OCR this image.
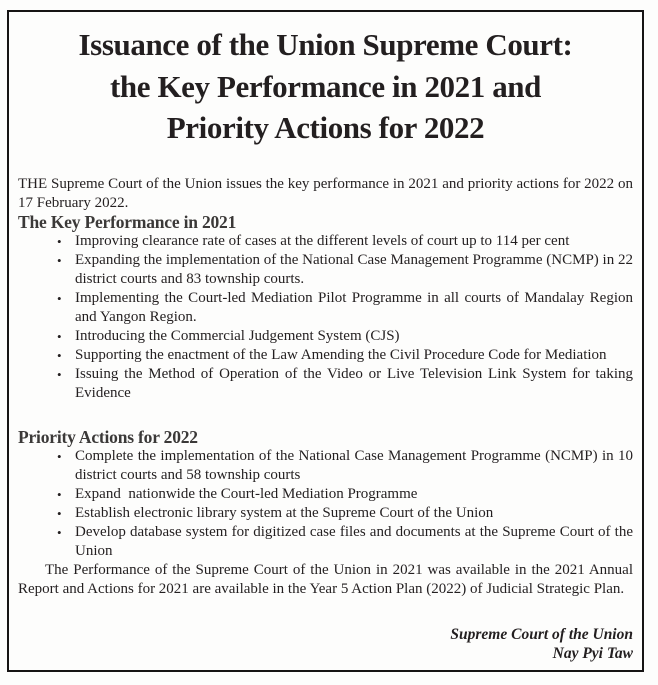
Issuance of the Union Supreme Court:
the Key Performance in 2021 and
Priority Actions for 2022

THE Supreme Court of the Union issues the key performance in 2021 and priority actions for 2022 on 17 February 2022.

The Key Performance in 2021
• Improving clearance rate of cases at the different levels of court up to 114 per cent
• Expanding the implementation of the National Case Management Programme (NCMP) in 22 district courts and 83 township courts.
• Implementing the Court-led Mediation Pilot Programme in all courts of Mandalay Region and Yangon Region.
• Introducing the Commercial Judgement System (CJS)
• Supporting the enactment of the Law Amending the Civil Procedure Code for Mediation
• Issuing the Method of Operation of the Video or Live Television Link System for taking Evidence
Priority Actions for 2022
• Complete the implementation of the National Case Management Programme (NCMP) in 10 district courts and 58 township courts
• Expand  nationwide the Court-led Mediation Programme
• Establish electronic library system at the Supreme Court of the Union
• Develop database system for digitized case files and documents at the Supreme Court of the Union

The Performance of the Supreme Court of the Union in 2021 was available in the 2021 Annual Report and Actions for 2021 are available in the Year 5 Action Plan (2022) of Judicial Strategic Plan.

Supreme Court of the Union
Nay Pyi Taw
